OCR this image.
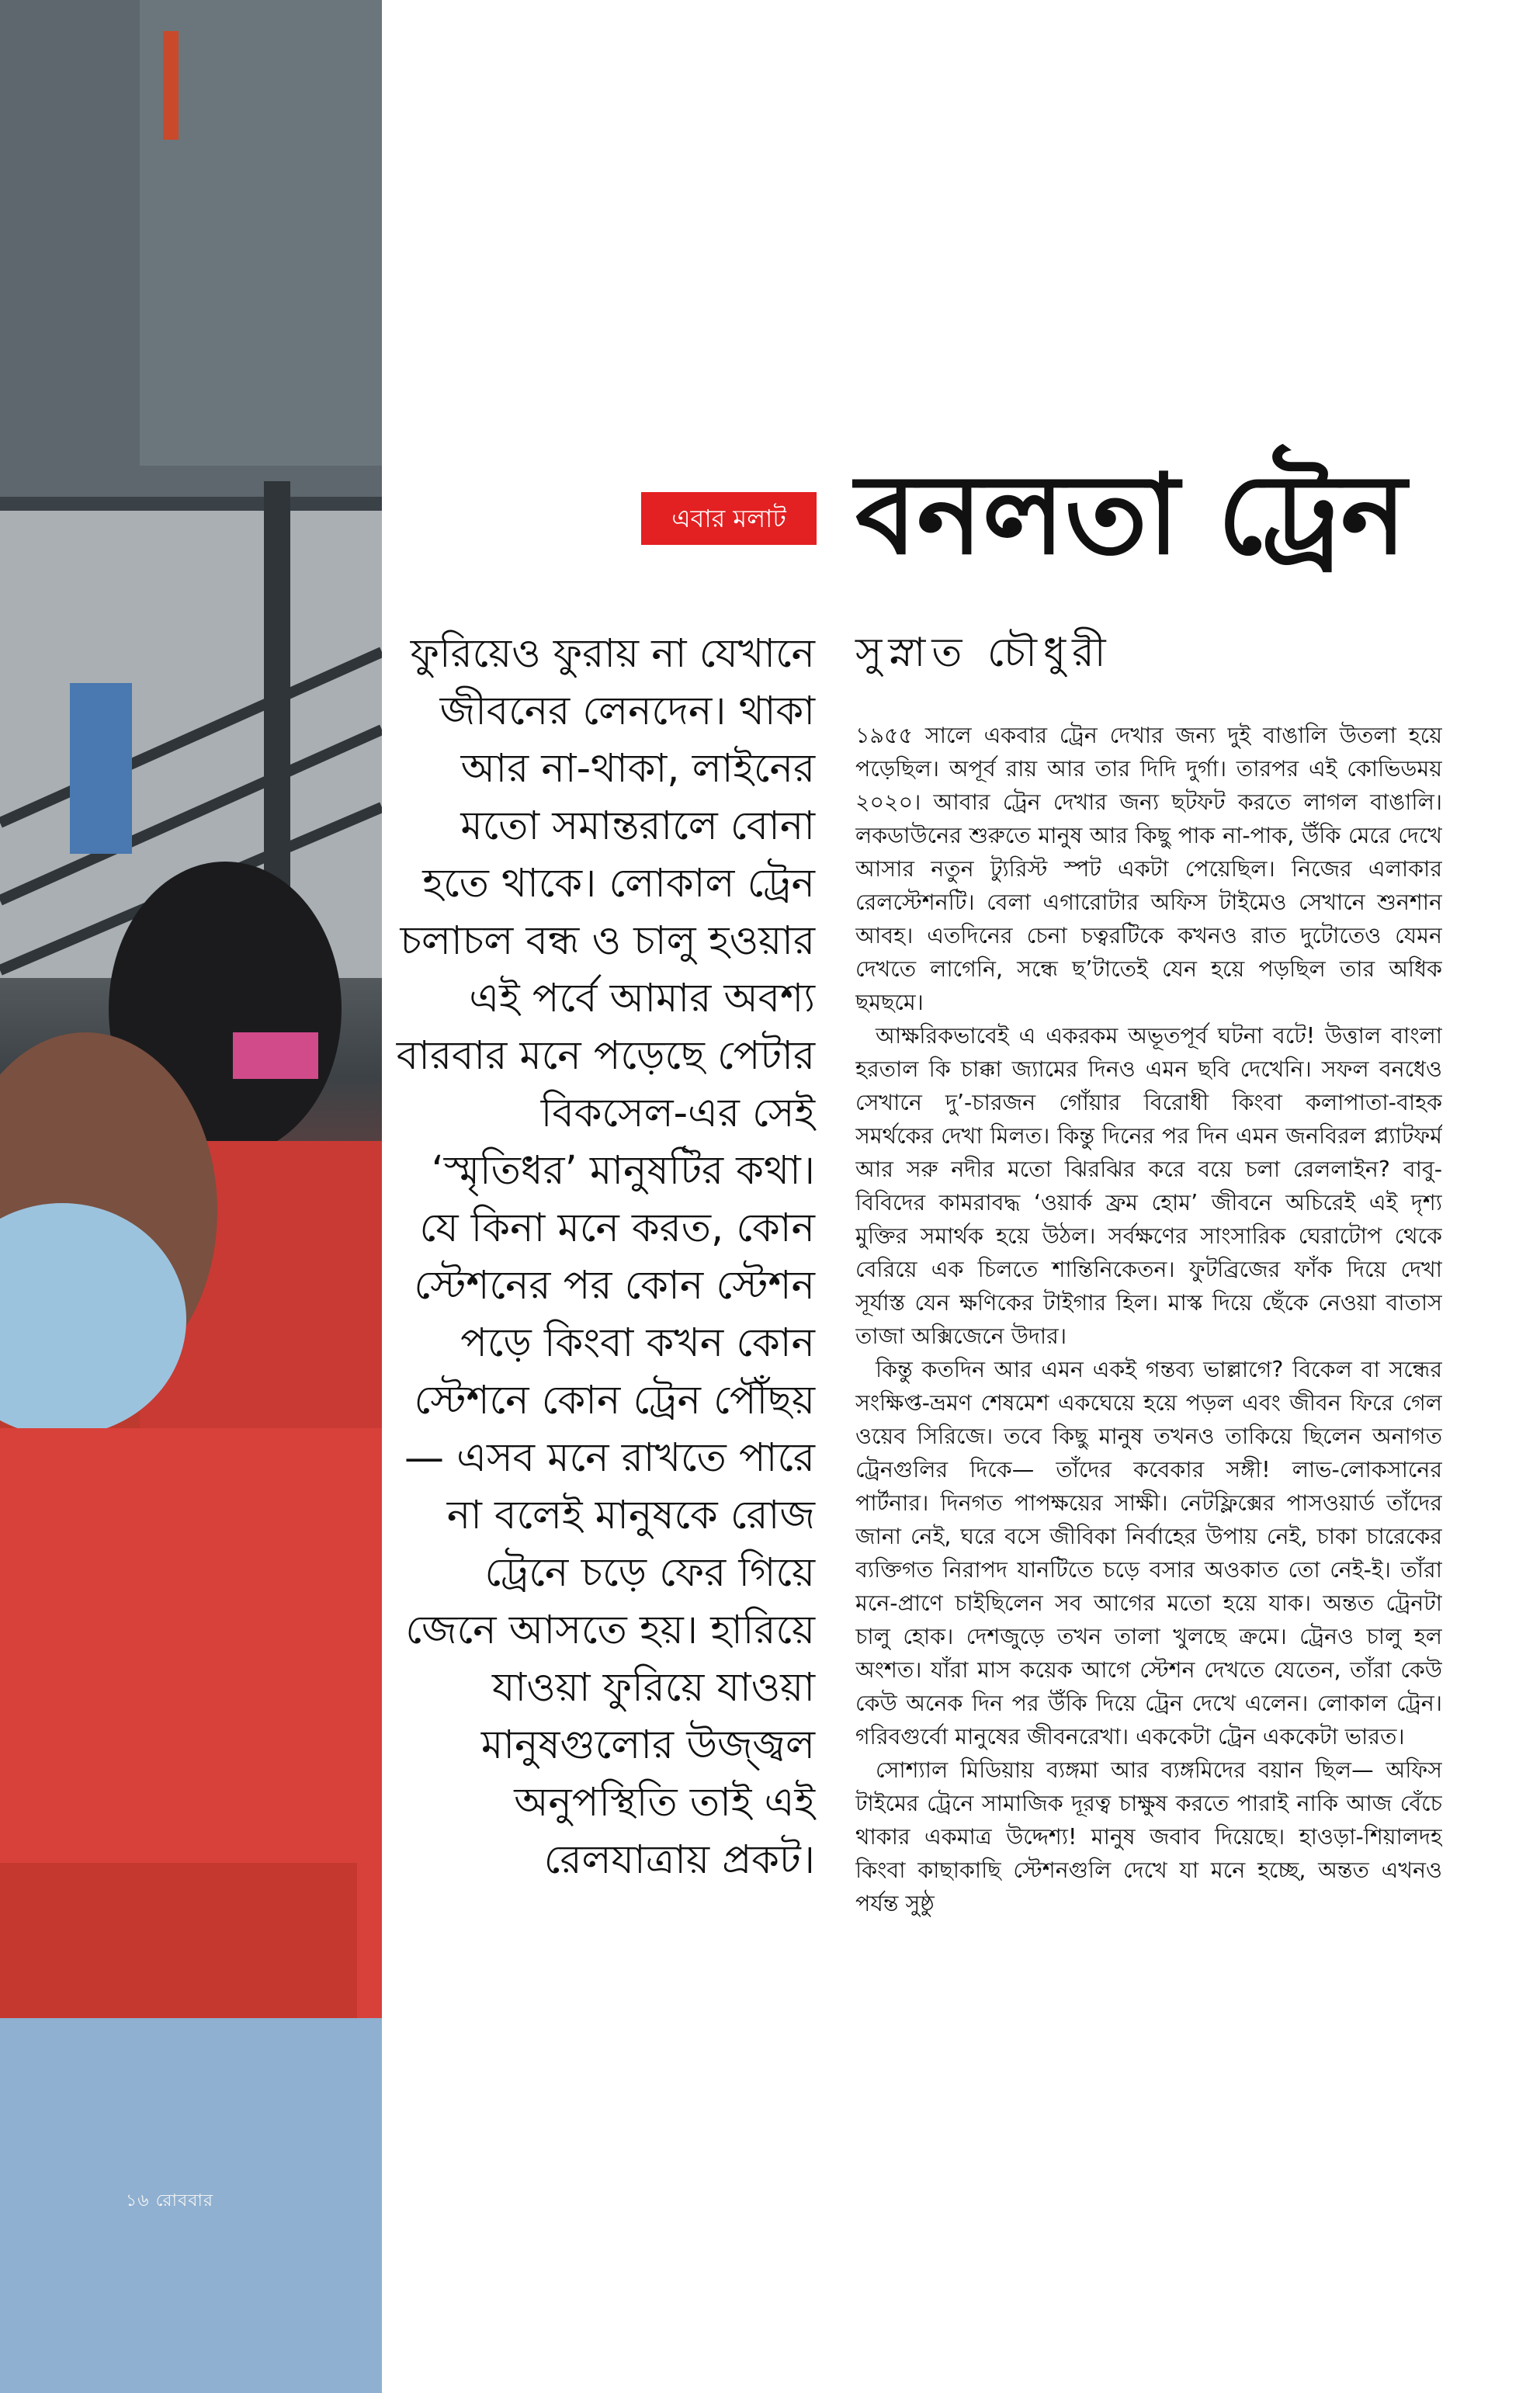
১৬ রোববার
এবার মলাট বনলতা ট্রেন
সুস্নাত চৌধুরী

ফুরিয়েও ফুরায় না যেখানে জীবনের লেনদেন। থাকা আর না-থাকা, লাইনের মতো সমান্তরালে বোনা হতে থাকে। লোকাল ট্রেন চলাচল বন্ধ ও চালু হওয়ার এই পর্বে আমার অবশ্য বারবার মনে পড়েছে পেটার বিকসেল-এর সেই ‘স্মৃতিধর’ মানুষটির কথা। যে কিনা মনে করত, কোন স্টেশনের পর কোন স্টেশন পড়ে কিংবা কখন কোন স্টেশনে কোন ট্রেন পৌঁছয়— এসব মনে রাখতে পারে না বলেই মানুষকে রোজ ট্রেনে চড়ে ফের গিয়ে জেনে আসতে হয়। হারিয়ে যাওয়া ফুরিয়ে যাওয়া মানুষগুলোর উজ্জ্বল অনুপস্থিতি তাই এই রেলযাত্রায় প্রকট।

১৯৫৫ সালে একবার ট্রেন দেখার জন্য দুই বাঙালি উতলা হয়ে পড়েছিল। অপূর্ব রায় আর তার দিদি দুর্গা। তারপর এই কোভিডময় ২০২০। আবার ট্রেন দেখার জন্য ছটফট করতে লাগল বাঙালি। লকডাউনের শুরুতে মানুষ আর কিছু পাক না-পাক, উঁকি মেরে দেখে আসার নতুন ট্যুরিস্ট স্পট একটা পেয়েছিল। নিজের এলাকার রেলস্টেশনটি। বেলা এগারোটার অফিস টাইমেও সেখানে শুনশান আবহ। এতদিনের চেনা চত্বরটিকে কখনও রাত দুটোতেও যেমন দেখতে লাগেনি, সন্ধে ছ’টাতেই যেন হয়ে পড়ছিল তার অধিক ছমছমে।

আক্ষরিকভাবেই এ একরকম অভূতপূর্ব ঘটনা বটে! উত্তাল বাংলা হরতাল কি চাক্কা জ্যামের দিনও এমন ছবি দেখেনি। সফল বনধেও সেখানে দু’-চারজন গোঁয়ার বিরোধী কিংবা কলাপাতা-বাহক সমর্থকের দেখা মিলত। কিন্তু দিনের পর দিন এমন জনবিরল প্ল্যাটফর্ম আর সরু নদীর মতো ঝিরঝির করে বয়ে চলা রেললাইন? বাবু-বিবিদের কামরাবদ্ধ ‘ওয়ার্ক ফ্রম হোম’ জীবনে অচিরেই এই দৃশ্য মুক্তির সমার্থক হয়ে উঠল। সর্বক্ষণের সাংসারিক ঘেরাটোপ থেকে বেরিয়ে এক চিলতে শান্তিনিকেতন। ফুটব্রিজের ফাঁক দিয়ে দেখা সূর্যাস্ত যেন ক্ষণিকের টাইগার হিল। মাস্ক দিয়ে ছেঁকে নেওয়া বাতাস তাজা অক্সিজেনে উদার।

কিন্তু কতদিন আর এমন একই গন্তব্য ভাল্লাগে? বিকেল বা সন্ধের সংক্ষিপ্ত-ভ্রমণ শেষমেশ একঘেয়ে হয়ে পড়ল এবং জীবন ফিরে গেল ওয়েব সিরিজে। তবে কিছু মানুষ তখনও তাকিয়ে ছিলেন অনাগত ট্রেনগুলির দিকে— তাঁদের কবেকার সঙ্গী! লাভ-লোকসানের পার্টনার। দিনগত পাপক্ষয়ের সাক্ষী। নেটফ্লিক্সের পাসওয়ার্ড তাঁদের জানা নেই, ঘরে বসে জীবিকা নির্বাহের উপায় নেই, চাকা চারেকের ব্যক্তিগত নিরাপদ যানটিতে চড়ে বসার অওকাত তো নেই-ই। তাঁরা মনে-প্রাণে চাইছিলেন সব আগের মতো হয়ে যাক। অন্তত ট্রেনটা চালু হোক। দেশজুড়ে তখন তালা খুলছে ক্রমে। ট্রেনও চালু হল অংশত। যাঁরা মাস কয়েক আগে স্টেশন দেখতে যেতেন, তাঁরা কেউ কেউ অনেক দিন পর উঁকি দিয়ে ট্রেন দেখে এলেন। লোকাল ট্রেন। গরিবগুর্বো মানুষের জীবনরেখা। এককেটা ট্রেন এককেটা ভারত।

সোশ্যাল মিডিয়ায় ব্যঙ্গমা আর ব্যঙ্গমিদের বয়ান ছিল— অফিস টাইমের ট্রেনে সামাজিক দূরত্ব চাক্ষুষ করতে পারাই নাকি আজ বেঁচে থাকার একমাত্র উদ্দেশ্য! মানুষ জবাব দিয়েছে। হাওড়া-শিয়ালদহ কিংবা কাছাকাছি স্টেশনগুলি দেখে যা মনে হচ্ছে, অন্তত এখনও পর্যন্ত সুষ্ঠু
